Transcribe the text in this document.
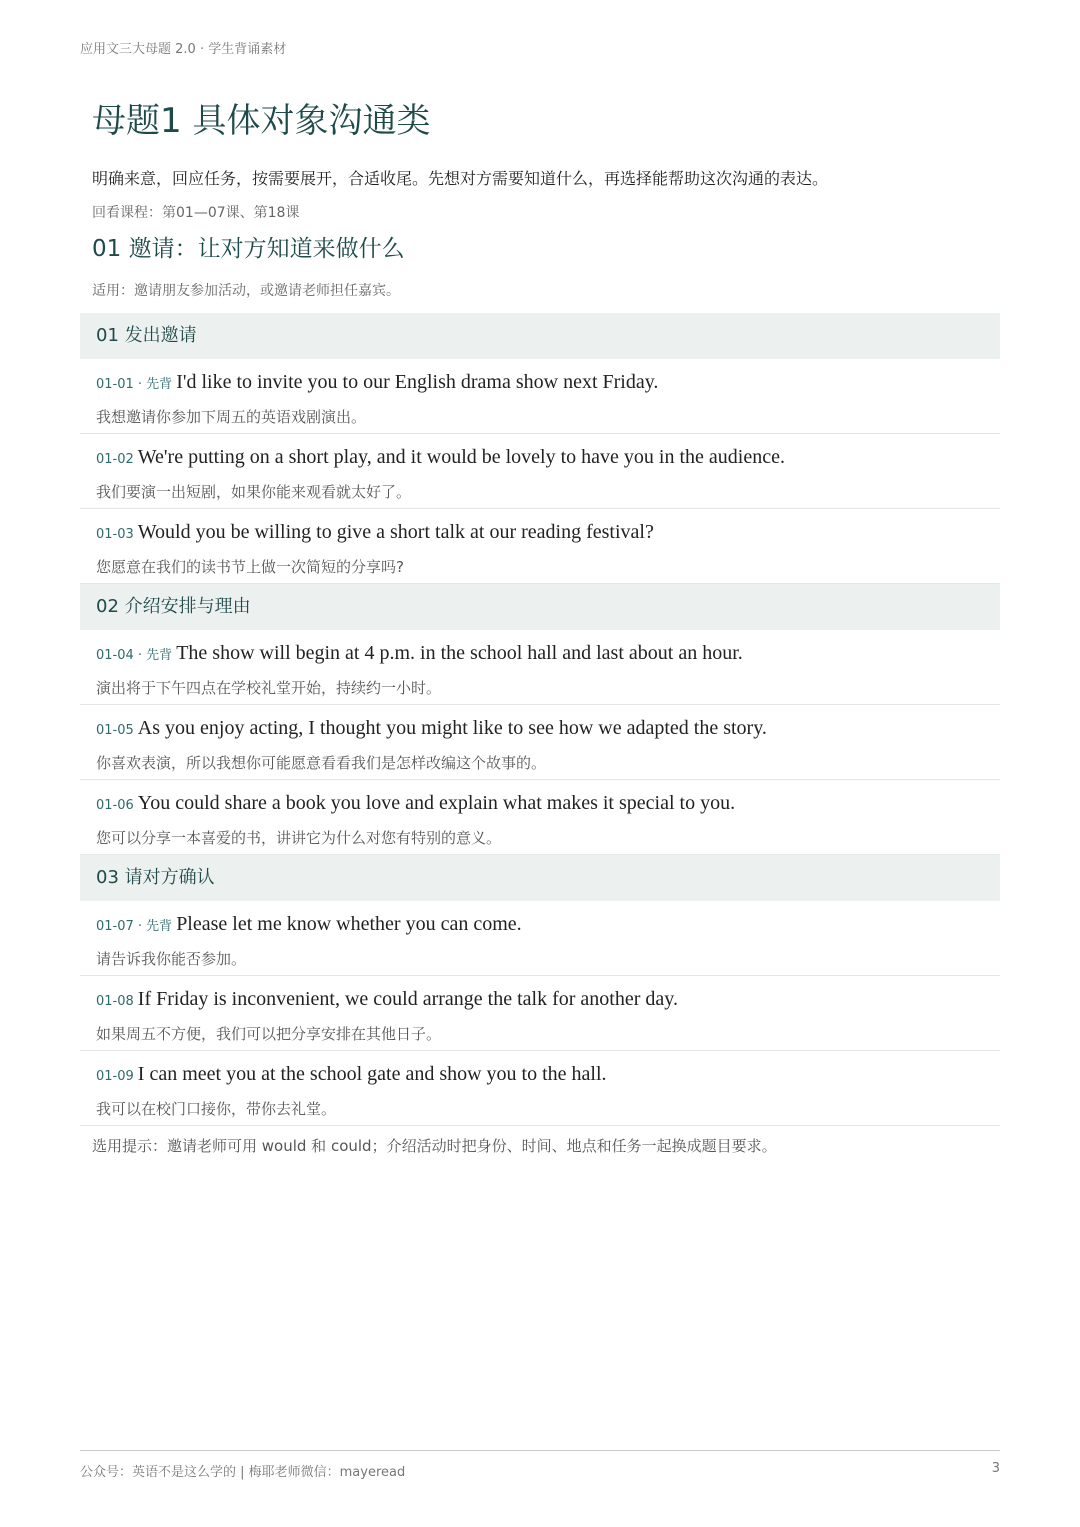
应用文三大母题 2.0 · 学生背诵素材
母题1 具体对象沟通类
明确来意，回应任务，按需要展开，合适收尾。先想对方需要知道什么，再选择能帮助这次沟通的表达。
回看课程：第01—07课、第18课
01 邀请：让对方知道来做什么
适用：邀请朋友参加活动，或邀请老师担任嘉宾。
01 发出邀请
01-01 · 先背 I'd like to invite you to our English drama show next Friday.
我想邀请你参加下周五的英语戏剧演出。
01-02 We're putting on a short play, and it would be lovely to have you in the audience.
我们要演一出短剧，如果你能来观看就太好了。
01-03 Would you be willing to give a short talk at our reading festival?
您愿意在我们的读书节上做一次简短的分享吗?
02 介绍安排与理由
01-04 · 先背 The show will begin at 4 p.m. in the school hall and last about an hour.
演出将于下午四点在学校礼堂开始，持续约一小时。
01-05 As you enjoy acting, I thought you might like to see how we adapted the story.
你喜欢表演，所以我想你可能愿意看看我们是怎样改编这个故事的。
01-06 You could share a book you love and explain what makes it special to you.
您可以分享一本喜爱的书，讲讲它为什么对您有特别的意义。
03 请对方确认
01-07 · 先背 Please let me know whether you can come.
请告诉我你能否参加。
01-08 If Friday is inconvenient, we could arrange the talk for another day.
如果周五不方便，我们可以把分享安排在其他日子。
01-09 I can meet you at the school gate and show you to the hall.
我可以在校门口接你，带你去礼堂。
选用提示：邀请老师可用 would 和 could；介绍活动时把身份、时间、地点和任务一起换成题目要求。
公众号：英语不是这么学的 | 梅耶老师微信：mayeread	3
